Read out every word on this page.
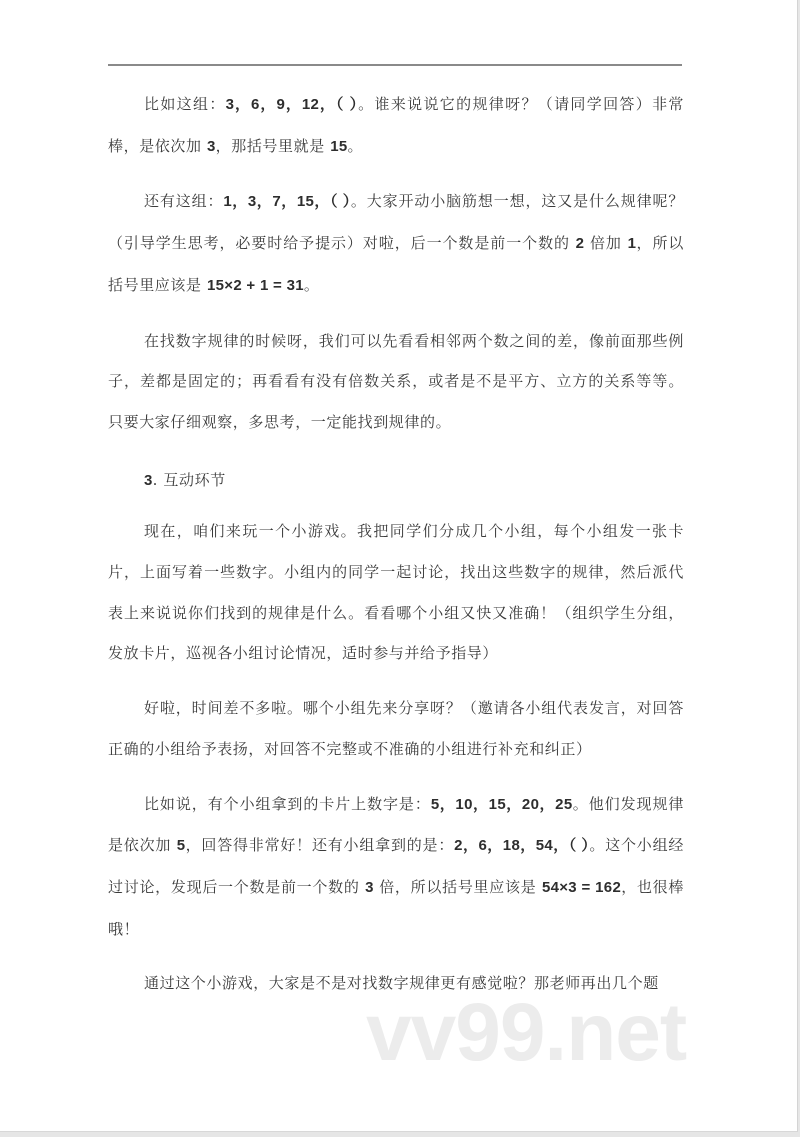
比如这组：3，6，9，12，（ ）。谁来说说它的规律呀？（请同学回答）非常棒，是依次加 3，那括号里就是 15。

还有这组：1，3，7，15，（ ）。大家开动小脑筋想一想，这又是什么规律呢？（引导学生思考，必要时给予提示）对啦，后一个数是前一个数的 2 倍加 1，所以括号里应该是 15×2 + 1 = 31。

在找数字规律的时候呀，我们可以先看看相邻两个数之间的差，像前面那些例子，差都是固定的；再看看有没有倍数关系，或者是不是平方、立方的关系等等。只要大家仔细观察，多思考，一定能找到规律的。

3. 互动环节

现在，咱们来玩一个小游戏。我把同学们分成几个小组，每个小组发一张卡片，上面写着一些数字。小组内的同学一起讨论，找出这些数字的规律，然后派代表上来说说你们找到的规律是什么。看看哪个小组又快又准确！（组织学生分组，发放卡片，巡视各小组讨论情况，适时参与并给予指导）

好啦，时间差不多啦。哪个小组先来分享呀？（邀请各小组代表发言，对回答正确的小组给予表扬，对回答不完整或不准确的小组进行补充和纠正）

比如说，有个小组拿到的卡片上数字是：5，10，15，20，25。他们发现规律是依次加 5，回答得非常好！还有小组拿到的是：2，6，18，54，（ ）。这个小组经过讨论，发现后一个数是前一个数的 3 倍，所以括号里应该是 54×3 = 162，也很棒哦！

通过这个小游戏，大家是不是对找数字规律更有感觉啦？那老师再出几个题

vv99.net
